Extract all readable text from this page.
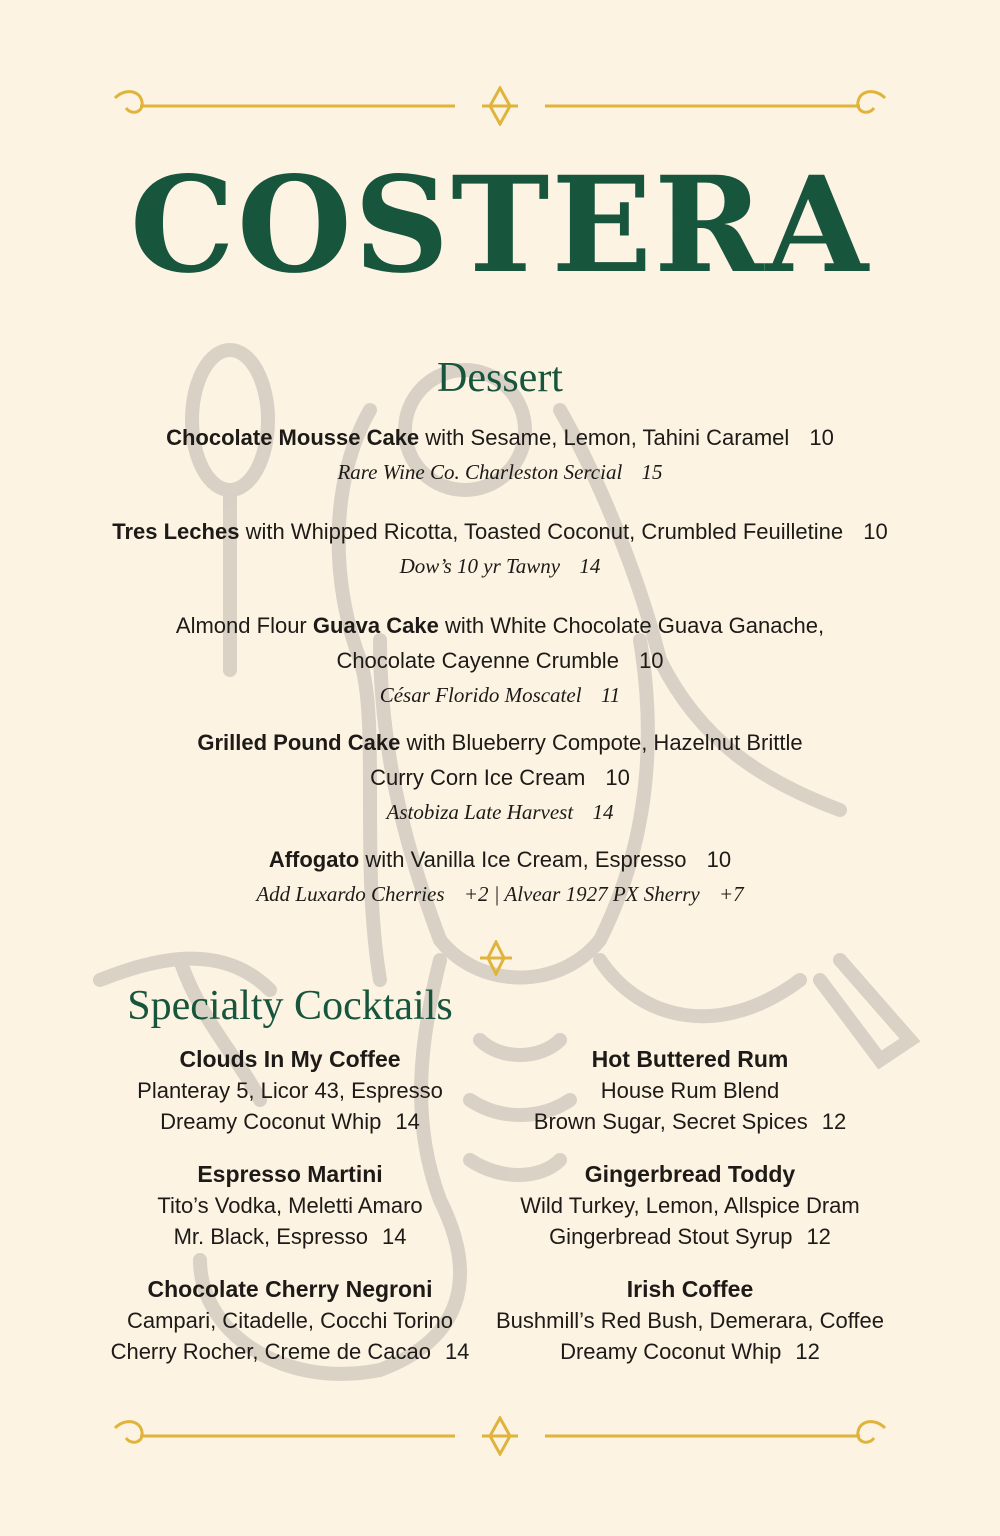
COSTERA
Dessert
Chocolate Mousse Cake with Sesame, Lemon, Tahini Caramel 10
Rare Wine Co. Charleston Sercial 15
Tres Leches with Whipped Ricotta, Toasted Coconut, Crumbled Feuilletine 10
Dow’s 10 yr Tawny 14
Almond Flour Guava Cake with White Chocolate Guava Ganache,
Chocolate Cayenne Crumble 10
César Florido Moscatel 11
Grilled Pound Cake with Blueberry Compote, Hazelnut Brittle
Curry Corn Ice Cream 10
Astobiza Late Harvest 14
Affogato with Vanilla Ice Cream, Espresso 10
Add Luxardo Cherries +2 | Alvear 1927 PX Sherry +7
Specialty Cocktails
Clouds In My Coffee
Planteray 5, Licor 43, Espresso
Dreamy Coconut Whip 14
Hot Buttered Rum
House Rum Blend
Brown Sugar, Secret Spices 12
Espresso Martini
Tito’s Vodka, Meletti Amaro
Mr. Black, Espresso 14
Gingerbread Toddy
Wild Turkey, Lemon, Allspice Dram
Gingerbread Stout Syrup 12
Chocolate Cherry Negroni
Campari, Citadelle, Cocchi Torino
Cherry Rocher, Creme de Cacao 14
Irish Coffee
Bushmill’s Red Bush, Demerara, Coffee
Dreamy Coconut Whip 12
